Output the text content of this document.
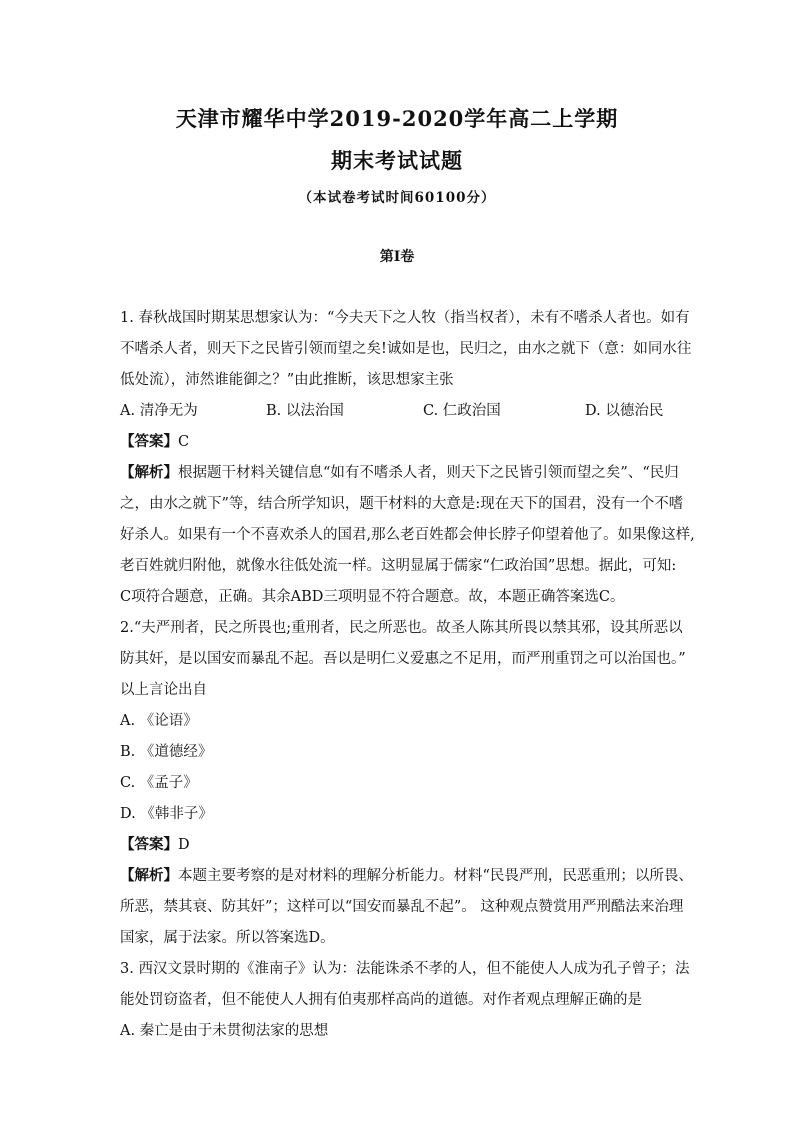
天津市耀华中学2019-2020学年高二上学期
期末考试试题
（本试卷考试时间60100分）
第Ⅰ卷
1. 春秋战国时期某思想家认为：“今夫天下之人牧（指当权者），未有不嗜杀人者也。如有
不嗜杀人者，则天下之民皆引领而望之矣!诚如是也，民归之，由水之就下（意：如同水往
低处流），沛然谁能御之？”由此推断，该思想家主张
A. 清净无为	B. 以法治国	C. 仁政治国	D. 以德治民
【答案】C
【解析】根据题干材料关键信息“如有不嗜杀人者，则天下之民皆引领而望之矣”、“民归
之，由水之就下”等，结合所学知识，题干材料的大意是:现在天下的国君，没有一个不嗜
好杀人。如果有一个不喜欢杀人的国君,那么老百姓都会伸长脖子仰望着他了。如果像这样,
老百姓就归附他，就像水往低处流一样。这明显属于儒家“仁政治国”思想。据此，可知:
C项符合题意，正确。其余ABD三项明显不符合题意。故，本题正确答案选C。
2.“夫严刑者，民之所畏也;重刑者，民之所恶也。故圣人陈其所畏以禁其邪，设其所恶以
防其奸，是以国安而暴乱不起。吾以是明仁义爱惠之不足用，而严刑重罚之可以治国也。”
以上言论出自
A. 《论语》
B. 《道德经》
C. 《孟子》
D. 《韩非子》
【答案】D
【解析】本题主要考察的是对材料的理解分析能力。材料“民畏严刑，民恶重刑；以所畏、
所恶，禁其衰、防其奸”；这样可以“国安而暴乱不起”。 这种观点赞赏用严刑酷法来治理
国家，属于法家。所以答案选D。
3. 西汉文景时期的《淮南子》认为：法能诛杀不孝的人，但不能使人人成为孔子曾子；法
能处罚窃盗者，但不能使人人拥有伯夷那样高尚的道德。对作者观点理解正确的是
A. 秦亡是由于未贯彻法家的思想
